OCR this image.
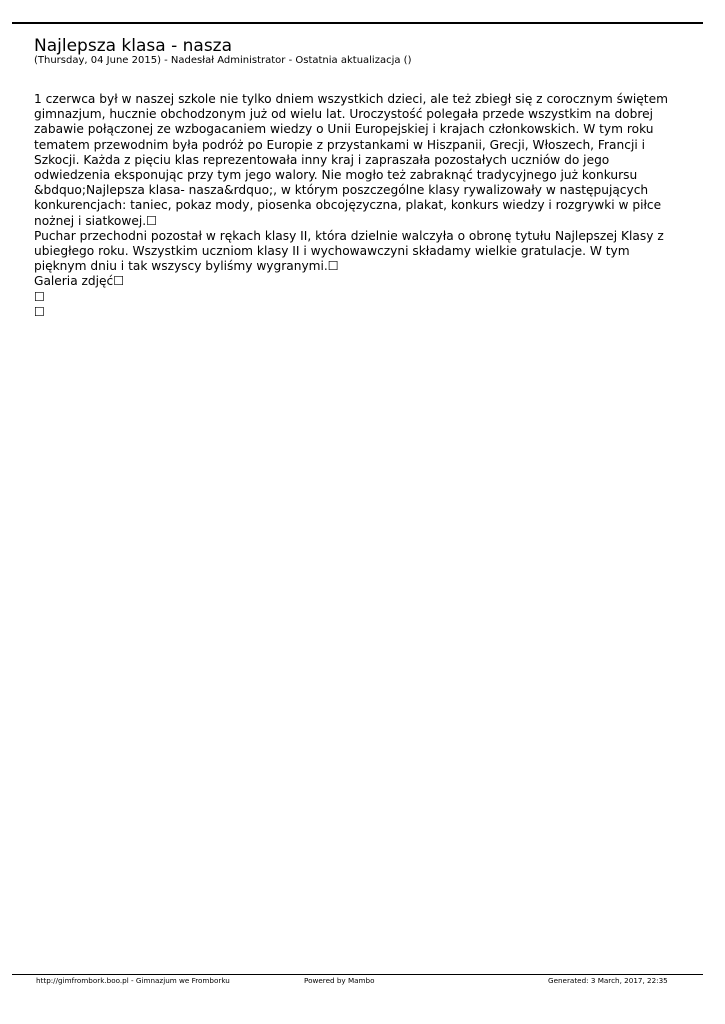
Najlepsza klasa - nasza
(Thursday, 04 June 2015) - Nadesłał Administrator - Ostatnia aktualizacja ()
1 czerwca był w naszej szkole nie tylko dniem wszystkich dzieci, ale też zbiegł się z corocznym świętem
gimnazjum, hucznie obchodzonym już od wielu lat. Uroczystość polegała przede wszystkim na dobrej
zabawie połączonej ze wzbogacaniem wiedzy o Unii Europejskiej i krajach członkowskich. W tym roku
tematem przewodnim była podróż po Europie z przystankami w Hiszpanii, Grecji, Włoszech, Francji i
Szkocji. Każda z pięciu klas reprezentowała inny kraj i zapraszała pozostałych uczniów do jego
odwiedzenia eksponując przy tym jego walory. Nie mogło też zabraknąć tradycyjnego już konkursu
&bdquo;Najlepsza klasa- nasza&rdquo;, w którym poszczególne klasy rywalizowały w następujących
konkurencjach: taniec, pokaz mody, piosenka obcojęzyczna, plakat, konkurs wiedzy i rozgrywki w piłce
nożnej i siatkowej.☐
Puchar przechodni pozostał w rękach klasy II, która dzielnie walczyła o obronę tytułu Najlepszej Klasy z
ubiegłego roku. Wszystkim uczniom klasy II i wychowawczyni składamy wielkie gratulacje. W tym
pięknym dniu i tak wszyscy byliśmy wygranymi.☐
Galeria zdjęć☐
☐
☐
http://gimfrombork.boo.pl - Gimnazjum we Fromborku	Powered by Mambo	Generated: 3 March, 2017, 22:35
